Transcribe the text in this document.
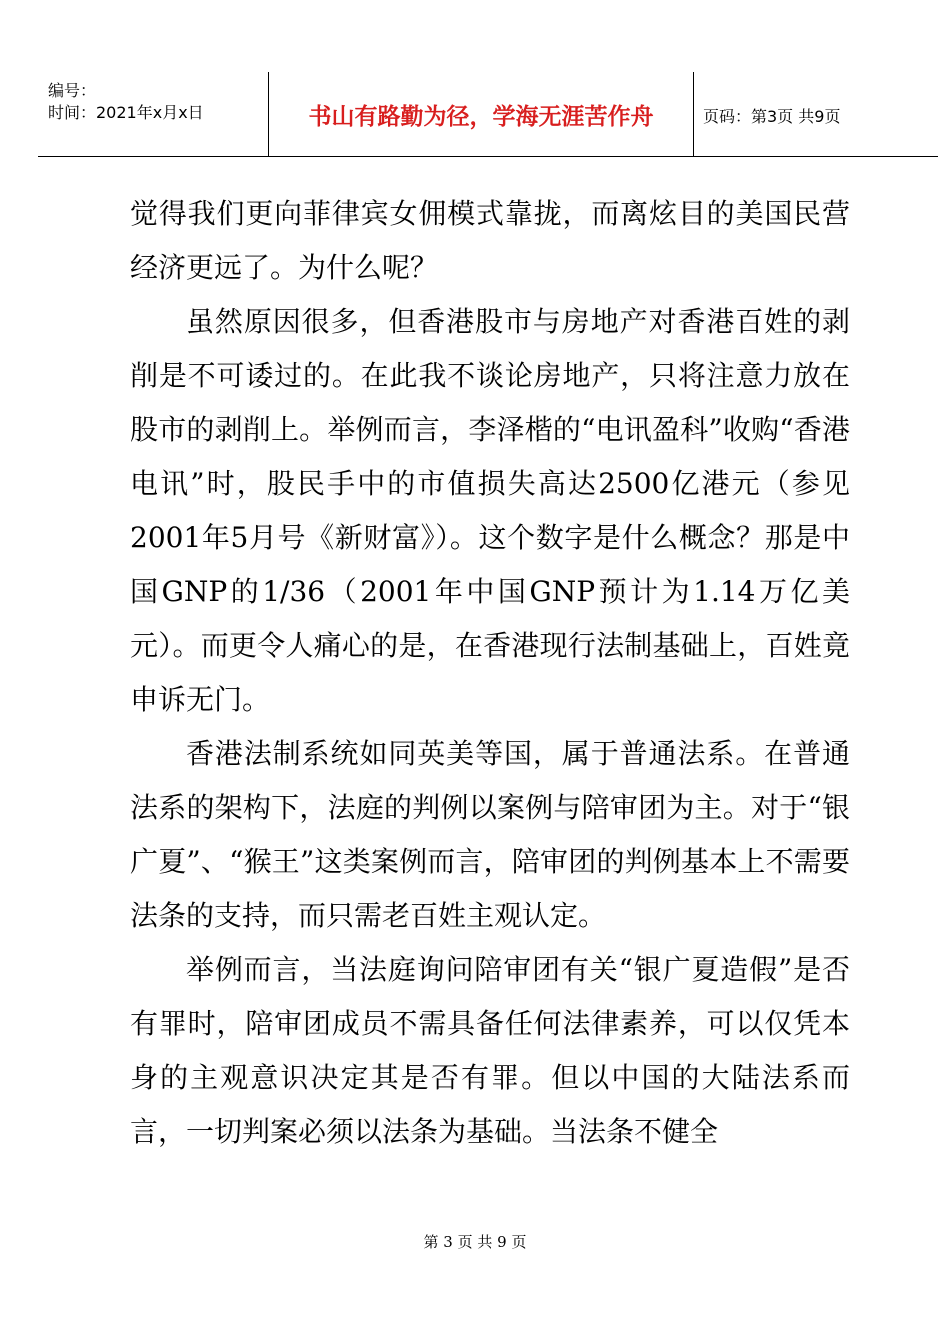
编号：
时间：2021年x月x日	书山有路勤为径，学海无涯苦作舟	页码：第3页 共9页

觉得我们更向菲律宾女佣模式靠拢，而离炫目的美国民营经济更远了。为什么呢？

虽然原因很多，但香港股市与房地产对香港百姓的剥削是不可诿过的。在此我不谈论房地产，只将注意力放在股市的剥削上。举例而言，李泽楷的“电讯盈科”收购“香港电讯”时，股民手中的市值损失高达2500亿港元（参见2001年5月号《新财富》）。这个数字是什么概念？那是中国GNP的1/36（2001年中国GNP预计为1.14万亿美元）。而更令人痛心的是，在香港现行法制基础上，百姓竟申诉无门。

香港法制系统如同英美等国，属于普通法系。在普通法系的架构下，法庭的判例以案例与陪审团为主。对于“银广夏”、“猴王”这类案例而言，陪审团的判例基本上不需要法条的支持，而只需老百姓主观认定。

举例而言，当法庭询问陪审团有关“银广夏造假”是否有罪时，陪审团成员不需具备任何法律素养，可以仅凭本身的主观意识决定其是否有罪。但以中国的大陆法系而言，一切判案必须以法条为基础。当法条不健全

第 3 页 共 9 页
